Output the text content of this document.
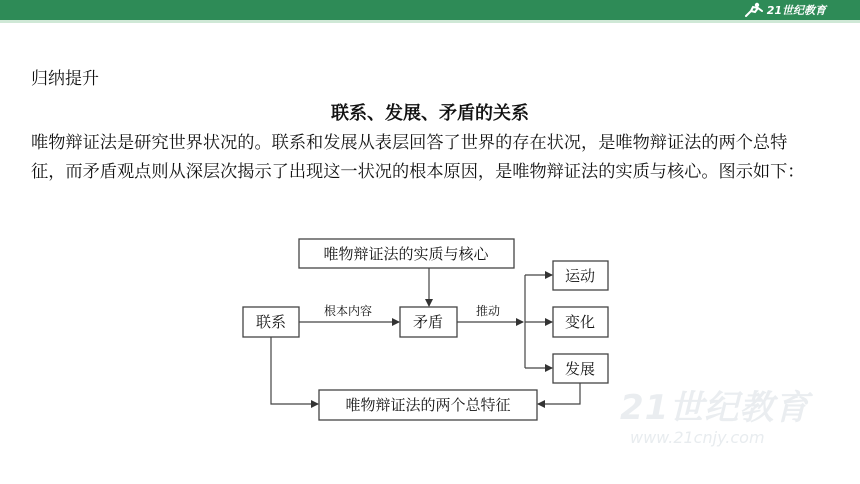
21世纪教育
归纳提升
联系、发展、矛盾的关系

唯物辩证法是研究世界状况的。联系和发展从表层回答了世界的存在状况，是唯物辩证法的两个总特征，而矛盾观点则从深层次揭示了出现这一状况的根本原因，是唯物辩证法的实质与核心。图示如下：

21世纪教育
www.21cnjy.com
唯物辩证法的实质与核心
联系	矛盾
运动
变化
发展
唯物辩证法的两个总特征
根本内容	推动
